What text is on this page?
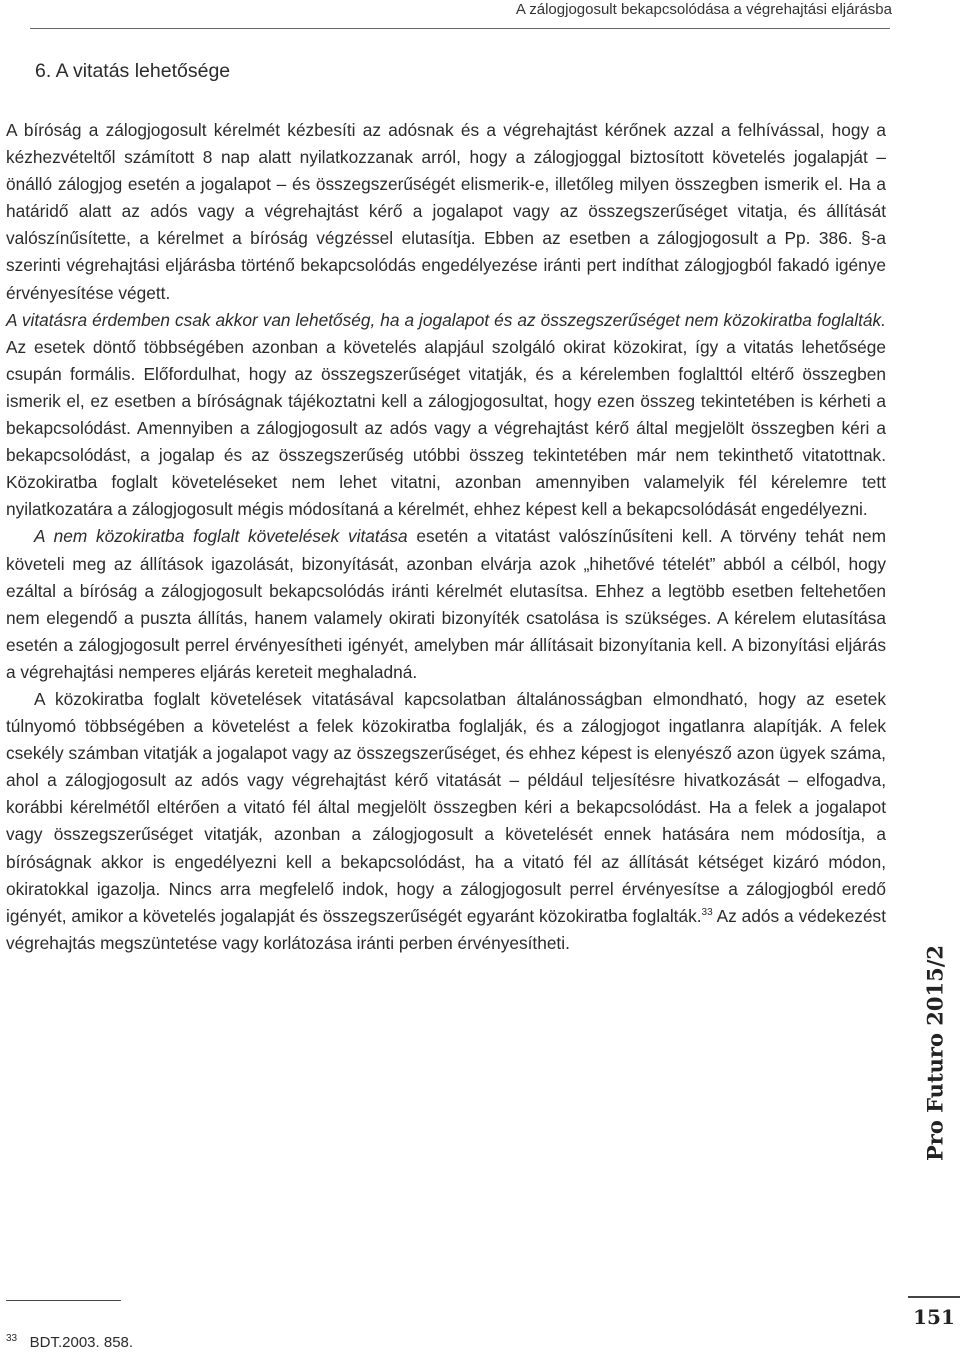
A zálogjogosult bekapcsolódása a végrehajtási eljárásba
6. A vitatás lehetősége

A bíróság a zálogjogosult kérelmét kézbesíti az adósnak és a végrehajtást kérőnek azzal a felhívással, hogy a kézhezvételtől számított 8 nap alatt nyilatkozzanak arról, hogy a zálogjoggal biztosított követelés jogalapját – önálló zálogjog esetén a jogalapot – és összegszerűségét elismerik-e, illetőleg milyen összegben ismerik el. Ha a határidő alatt az adós vagy a végrehajtást kérő a jogalapot vagy az összegszerűséget vitatja, és állítását valószínűsítette, a kérelmet a bíróság végzéssel elutasítja. Ebben az esetben a zálogjogosult a Pp. 386. §-a szerinti végrehajtási eljárásba történő bekapcsolódás engedélyezése iránti pert indíthat zálogjogból fakadó igénye érvényesítése végett.

A vitatásra érdemben csak akkor van lehetőség, ha a jogalapot és az összegszerűséget nem közokiratba foglalták. Az esetek döntő többségében azonban a követelés alapjául szolgáló okirat közokirat, így a vitatás lehetősége csupán formális. Előfordulhat, hogy az összegszerűséget vitatják, és a kérelemben foglalttól eltérő összegben ismerik el, ez esetben a bíróságnak tájékoztatni kell a zálogjogosultat, hogy ezen összeg tekintetében is kérheti a bekapcsolódást. Amennyiben a zálogjogosult az adós vagy a végrehajtást kérő által megjelölt összegben kéri a bekapcsolódást, a jogalap és az összegszerűség utóbbi összeg tekintetében már nem tekinthető vitatottnak. Közokiratba foglalt követeléseket nem lehet vitatni, azonban amennyiben valamelyik fél kérelemre tett nyilatkozatára a zálogjogosult mégis módosítaná a kérelmét, ehhez képest kell a bekapcsolódását engedélyezni.

A nem közokiratba foglalt követelések vitatása esetén a vitatást valószínűsíteni kell. A törvény tehát nem követeli meg az állítások igazolását, bizonyítását, azonban elvárja azok „hihetővé tételét” abból a célból, hogy ezáltal a bíróság a zálogjogosult bekapcsolódás iránti kérelmét elutasítsa. Ehhez a legtöbb esetben feltehetően nem elegendő a puszta állítás, hanem valamely okirati bizonyíték csatolása is szükséges. A kérelem elutasítása esetén a zálogjogosult perrel érvényesítheti igényét, amelyben már állításait bizonyítania kell. A bizonyítási eljárás a végrehajtási nemperes eljárás kereteit meghaladná.

A közokiratba foglalt követelések vitatásával kapcsolatban általánosságban elmondható, hogy az esetek túlnyomó többségében a követelést a felek közokiratba foglalják, és a zálogjogot ingatlanra alapítják. A felek csekély számban vitatják a jogalapot vagy az összegszerűséget, és ehhez képest is elenyésző azon ügyek száma, ahol a zálogjogosult az adós vagy végrehajtást kérő vitatását – például teljesítésre hivatkozását – elfogadva, korábbi kérelmétől eltérően a vitató fél által megjelölt összegben kéri a bekapcsolódást. Ha a felek a jogalapot vagy összegszerűséget vitatják, azonban a zálogjogosult a követelését ennek hatására nem módosítja, a bíróságnak akkor is engedélyezni kell a bekapcsolódást, ha a vitató fél az állítását kétséget kizáró módon, okiratokkal igazolja. Nincs arra megfelelő indok, hogy a zálogjogosult perrel érvényesítse a zálogjogból eredő igényét, amikor a követelés jogalapját és összegszerűségét egyaránt közokiratba foglalták.$^{33}$ Az adós a védekezést végrehajtás megszüntetése vagy korlátozása iránti perben érvényesítheti.

Pro Futuro 2015/2
$^{33}$ BDT.2003. 858.
151
